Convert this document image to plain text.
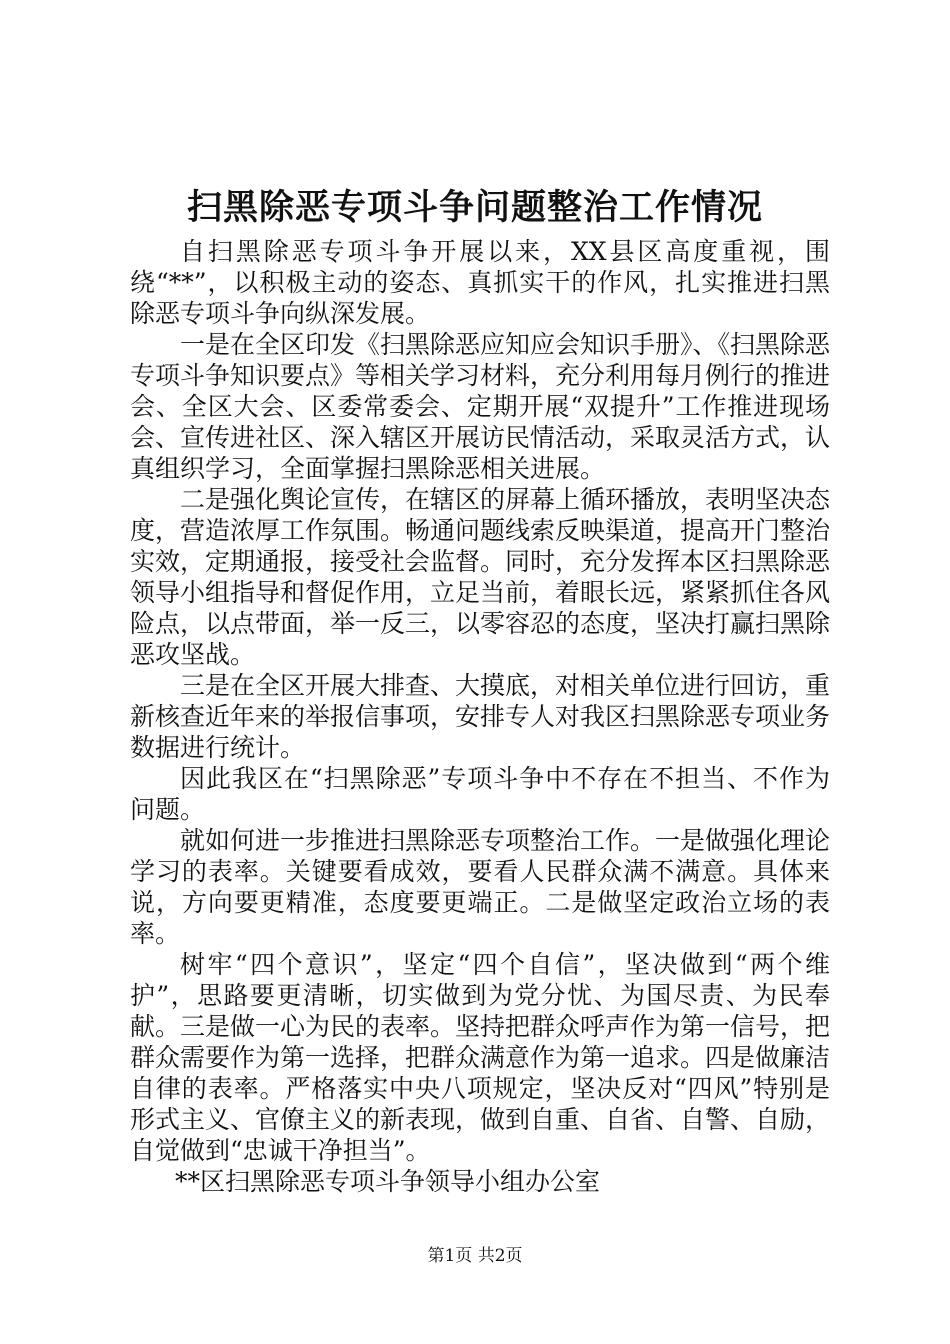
扫黑除恶专项斗争问题整治工作情况

自扫黑除恶专项斗争开展以来，XX县区高度重视，围绕“**”，以积极主动的姿态、真抓实干的作风，扎实推进扫黑除恶专项斗争向纵深发展。

一是在全区印发《扫黑除恶应知应会知识手册》、《扫黑除恶专项斗争知识要点》等相关学习材料，充分利用每月例行的推进会、全区大会、区委常委会、定期开展“双提升”工作推进现场会、宣传进社区、深入辖区开展访民情活动，采取灵活方式，认真组织学习，全面掌握扫黑除恶相关进展。

二是强化舆论宣传，在辖区的屏幕上循环播放，表明坚决态度，营造浓厚工作氛围。畅通问题线索反映渠道，提高开门整治实效，定期通报，接受社会监督。同时，充分发挥本区扫黑除恶领导小组指导和督促作用，立足当前，着眼长远，紧紧抓住各风险点，以点带面，举一反三，以零容忍的态度，坚决打赢扫黑除恶攻坚战。

三是在全区开展大排查、大摸底，对相关单位进行回访，重新核查近年来的举报信事项，安排专人对我区扫黑除恶专项业务数据进行统计。

因此我区在“扫黑除恶”专项斗争中不存在不担当、不作为问题。

就如何进一步推进扫黑除恶专项整治工作。一是做强化理论学习的表率。关键要看成效，要看人民群众满不满意。具体来说，方向要更精准，态度要更端正。二是做坚定政治立场的表率。

树牢“四个意识”，坚定“四个自信”，坚决做到“两个维护”，思路要更清晰，切实做到为党分忧、为国尽责、为民奉献。三是做一心为民的表率。坚持把群众呼声作为第一信号，把群众需要作为第一选择，把群众满意作为第一追求。四是做廉洁自律的表率。严格落实中央八项规定，坚决反对“四风”特别是形式主义、官僚主义的新表现，做到自重、自省、自警、自励，自觉做到“忠诚干净担当”。

**区扫黑除恶专项斗争领导小组办公室

第1页 共2页
